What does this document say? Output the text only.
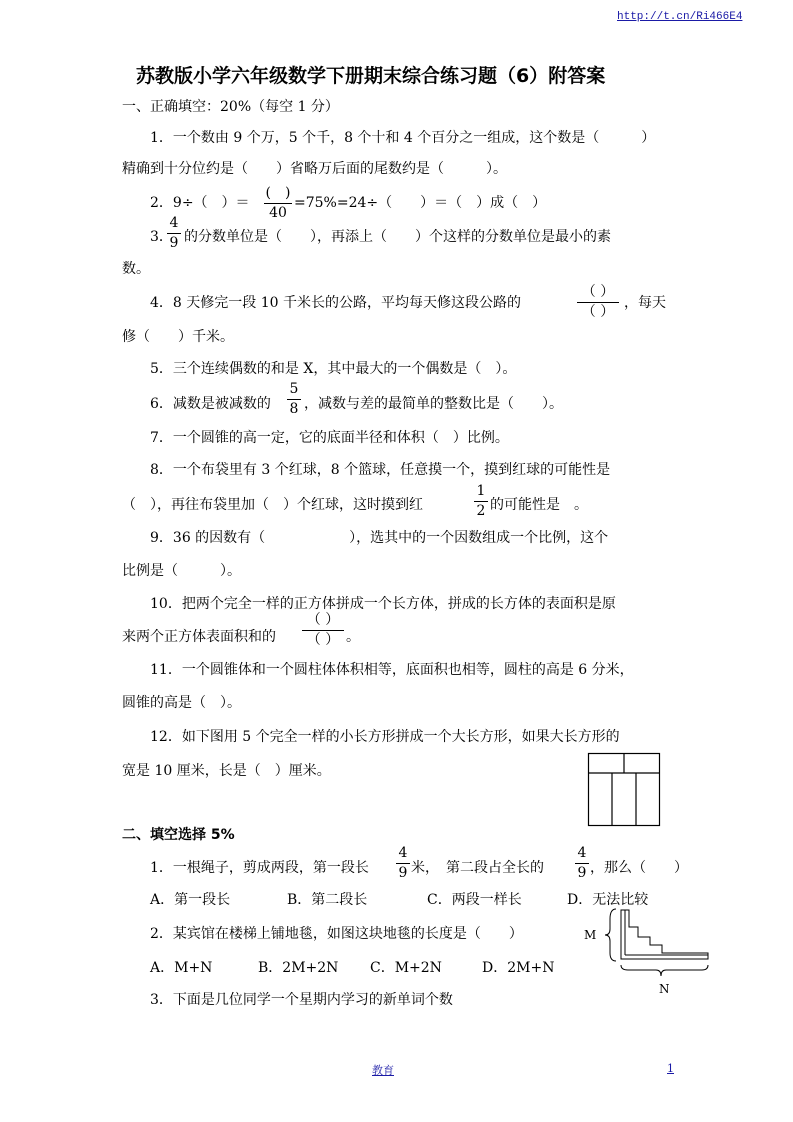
http://t.cn/Ri466E4
苏教版小学六年级数学下册期末综合练习题（6）附答案
一、正确填空：20%（每空 1 分）
1．一个数由 9 个万，5 个千，8 个十和 4 个百分之一组成，这个数是（　　　）
精确到十分位约是（　　）省略万后面的尾数约是（　　　）。
2．9÷（　）＝
(　)
40
=75%=24÷（　　）＝（　）成（　）
3．
4
9 的分数单位是（　　），再添上（　　）个这样的分数单位是最小的素
数。
4．8 天修完一段 10 千米长的公路，平均每天修这段公路的
（ ）
（ ）
，每天
修（　　）千米。
5．三个连续偶数的和是 X，其中最大的一个偶数是（　）。
6．减数是被减数的
5
8 ，减数与差的最简单的整数比是（　　）。
7．一个圆锥的高一定，它的底面半径和体积（　）比例。
8．一个布袋里有 3 个红球，8 个篮球，任意摸一个，摸到红球的可能性是
（　），再往布袋里加（　）个红球，这时摸到红
1
2 的可能性是　。
9．36 的因数有（　　　　　　），选其中的一个因数组成一个比例，这个
比例是（　　　）。
10．把两个完全一样的正方体拼成一个长方体，拼成的长方体的表面积是原
来两个正方体表面积和的
（ ）
（ ） 。
11．一个圆锥体和一个圆柱体体积相等，底面积也相等，圆柱的高是 6 分米，
圆锥的高是（　）。
12．如下图用 5 个完全一样的小长方形拼成一个大长方形，如果大长方形的
宽是 10 厘米，长是（　）厘米。
二、填空选择 5%
1．一根绳子，剪成两段，第一段长
4
9 米，　第二段占全长的
4
9 ，那么（　　）
A．第一段长	B．第二段长	C．两段一样长	D．无法比较
2．某宾馆在楼梯上铺地毯，如图这块地毯的长度是（　　）
A．M+N	B．2M+2N C．M+2N	D．2M+N
M
N
3．下面是几位同学一个星期内学习的新单词个数
教育	1
